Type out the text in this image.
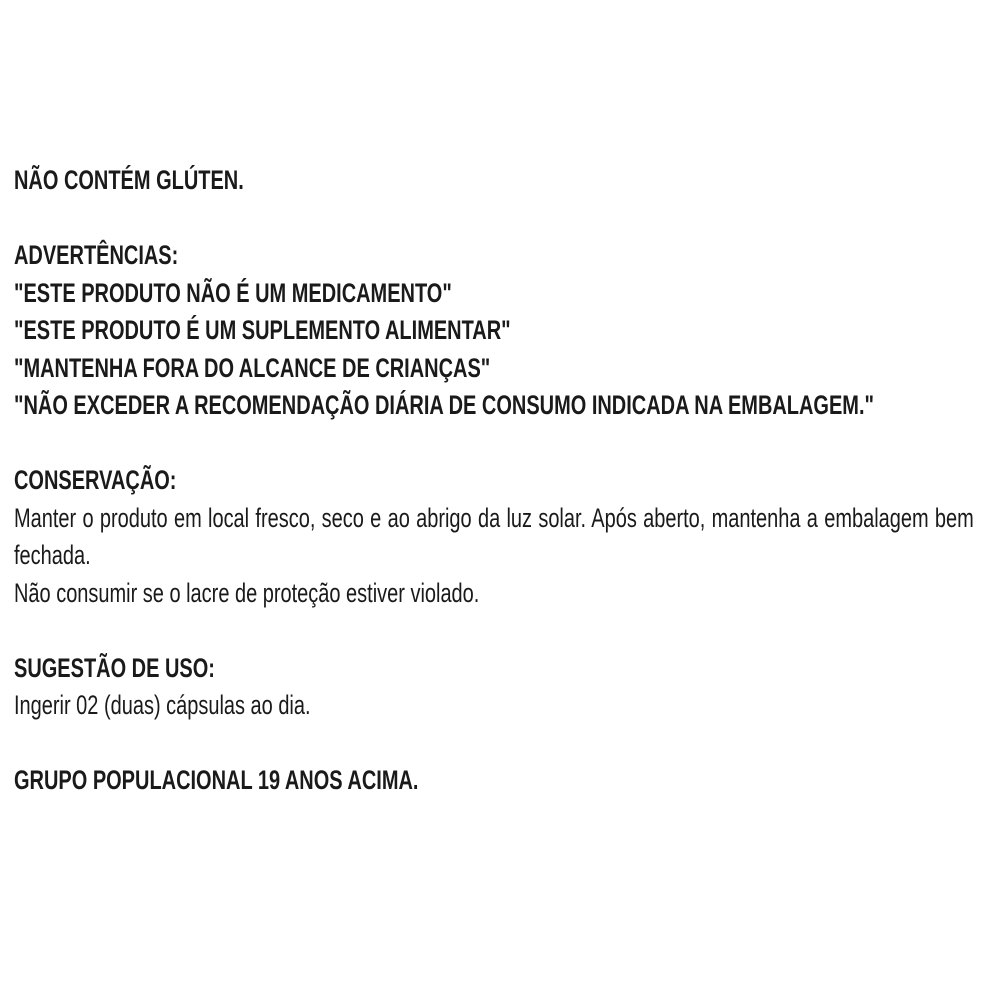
NÃO CONTÉM GLÚTEN.

ADVERTÊNCIAS:

"ESTE PRODUTO NÃO É UM MEDICAMENTO"

"ESTE PRODUTO É UM SUPLEMENTO ALIMENTAR"

"MANTENHA FORA DO ALCANCE DE CRIANÇAS"

"NÃO EXCEDER A RECOMENDAÇÃO DIÁRIA DE CONSUMO INDICADA NA EMBALAGEM."

CONSERVAÇÃO:

Manter o produto em local fresco, seco e ao abrigo da luz solar. Após aberto, mantenha a embalagem bem fechada.

Não consumir se o lacre de proteção estiver violado.

SUGESTÃO DE USO:

Ingerir 02 (duas) cápsulas ao dia.

GRUPO POPULACIONAL 19 ANOS ACIMA.
